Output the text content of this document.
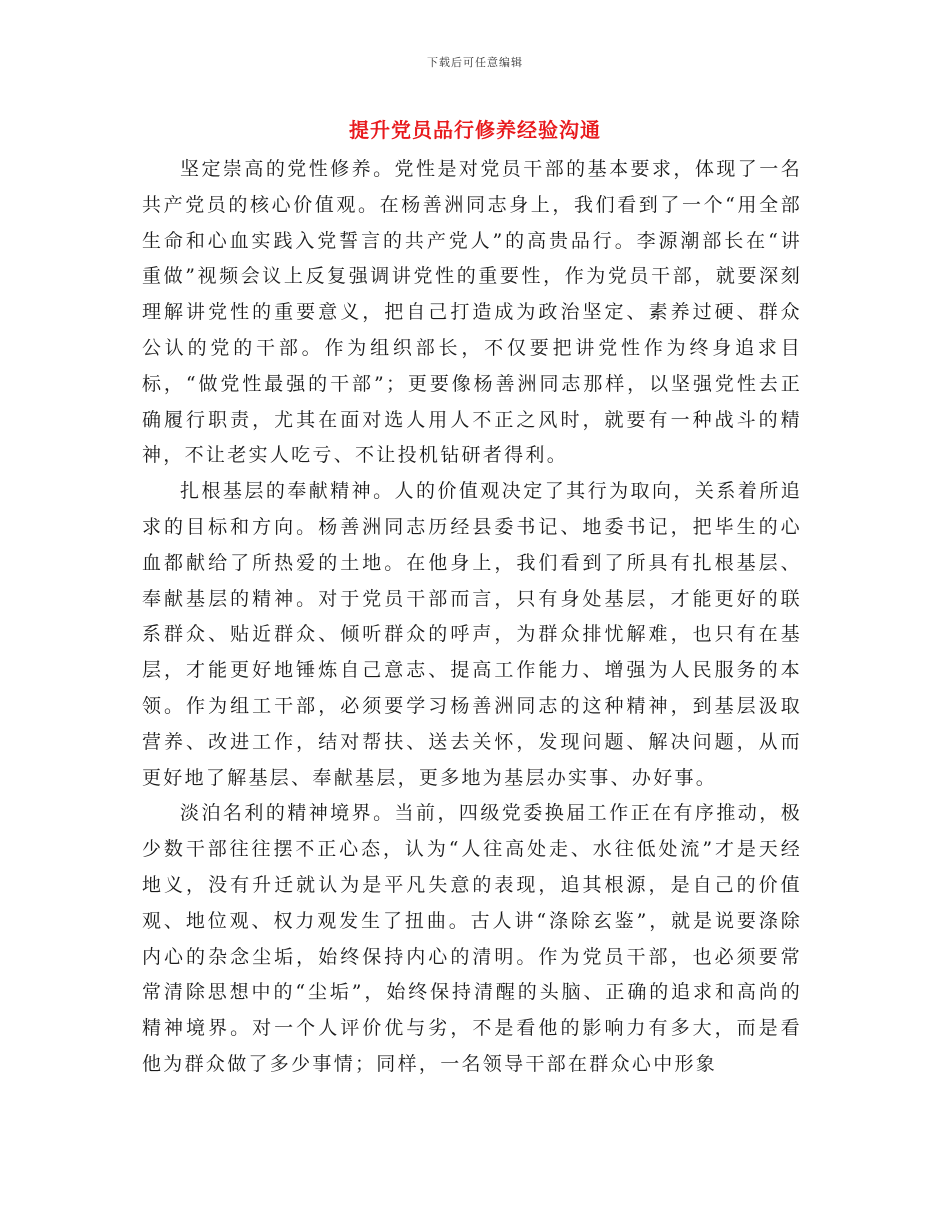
下载后可任意编辑
提升党员品行修养经验沟通

坚定崇高的党性修养。党性是对党员干部的基本要求，体现了一名共产党员的核心价值观。在杨善洲同志身上，我们看到了一个“用全部生命和心血实践入党誓言的共产党人”的高贵品行。李源潮部长在“讲重做”视频会议上反复强调讲党性的重要性，作为党员干部，就要深刻理解讲党性的重要意义，把自己打造成为政治坚定、素养过硬、群众公认的党的干部。作为组织部长，不仅要把讲党性作为终身追求目标，“做党性最强的干部”；更要像杨善洲同志那样，以坚强党性去正确履行职责，尤其在面对选人用人不正之风时，就要有一种战斗的精神，不让老实人吃亏、不让投机钻研者得利。

扎根基层的奉献精神。人的价值观决定了其行为取向，关系着所追求的目标和方向。杨善洲同志历经县委书记、地委书记，把毕生的心血都献给了所热爱的土地。在他身上，我们看到了所具有扎根基层、奉献基层的精神。对于党员干部而言，只有身处基层，才能更好的联系群众、贴近群众、倾听群众的呼声，为群众排忧解难，也只有在基层，才能更好地锤炼自己意志、提高工作能力、增强为人民服务的本领。作为组工干部，必须要学习杨善洲同志的这种精神，到基层汲取营养、改进工作，结对帮扶、送去关怀，发现问题、解决问题，从而更好地了解基层、奉献基层，更多地为基层办实事、办好事。

淡泊名利的精神境界。当前，四级党委换届工作正在有序推动，极少数干部往往摆不正心态，认为“人往高处走、水往低处流”才是天经地义，没有升迁就认为是平凡失意的表现，追其根源，是自己的价值观、地位观、权力观发生了扭曲。古人讲“涤除玄鉴”，就是说要涤除内心的杂念尘垢，始终保持内心的清明。作为党员干部，也必须要常常清除思想中的“尘垢”，始终保持清醒的头脑、正确的追求和高尚的精神境界。对一个人评价优与劣，不是看他的影响力有多大，而是看他为群众做了多少事情；同样，一名领导干部在群众心中形象
